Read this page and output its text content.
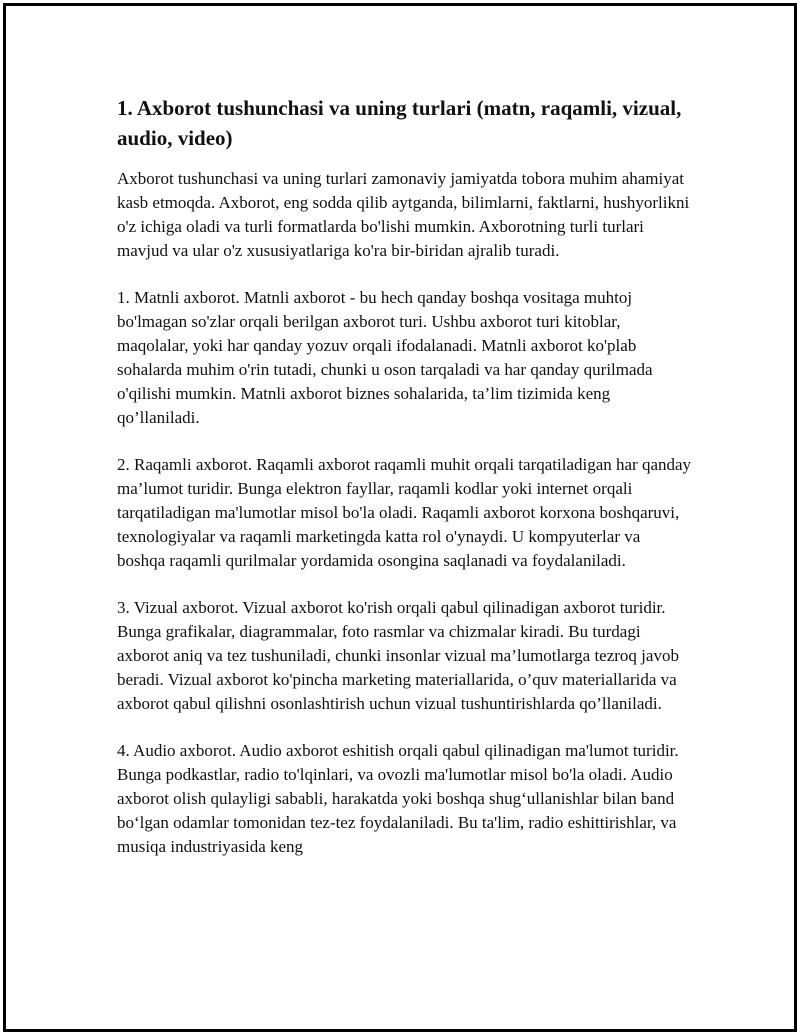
1. Axborot tushunchasi va uning turlari (matn, raqamli, vizual, audio, video)

Axborot tushunchasi va uning turlari zamonaviy jamiyatda tobora muhim ahamiyat kasb etmoqda. Axborot, eng sodda qilib aytganda, bilimlarni, faktlarni, hushyorlikni o'z ichiga oladi va turli formatlarda bo'lishi mumkin. Axborotning turli turlari mavjud va ular o'z xususiyatlariga ko'ra bir-biridan ajralib turadi.

1. Matnli axborot. Matnli axborot - bu hech qanday boshqa vositaga muhtoj bo'lmagan so'zlar orqali berilgan axborot turi. Ushbu axborot turi kitoblar, maqolalar, yoki har qanday yozuv orqali ifodalanadi. Matnli axborot ko'plab sohalarda muhim o'rin tutadi, chunki u oson tarqaladi va har qanday qurilmada o'qilishi mumkin. Matnli axborot biznes sohalarida, ta’lim tizimida keng qo’llaniladi.

2. Raqamli axborot. Raqamli axborot raqamli muhit orqali tarqatiladigan har qanday ma’lumot turidir. Bunga elektron fayllar, raqamli kodlar yoki internet orqali tarqatiladigan ma'lumotlar misol bo'la oladi. Raqamli axborot korxona boshqaruvi, texnologiyalar va raqamli marketingda katta rol o'ynaydi. U kompyuterlar va boshqa raqamli qurilmalar yordamida osongina saqlanadi va foydalaniladi.

3. Vizual axborot. Vizual axborot ko'rish orqali qabul qilinadigan axborot turidir. Bunga grafikalar, diagrammalar, foto rasmlar va chizmalar kiradi. Bu turdagi axborot aniq va tez tushuniladi, chunki insonlar vizual ma’lumotlarga tezroq javob beradi. Vizual axborot ko'pincha marketing materiallarida, o’quv materiallarida va axborot qabul qilishni osonlashtirish uchun vizual tushuntirishlarda qo’llaniladi.

4. Audio axborot. Audio axborot eshitish orqali qabul qilinadigan ma'lumot turidir. Bunga podkastlar, radio to'lqinlari, va ovozli ma'lumotlar misol bo'la oladi. Audio axborot olish qulayligi sababli, harakatda yoki boshqa shug‘ullanishlar bilan band bo‘lgan odamlar tomonidan tez-tez foydalaniladi. Bu ta'lim, radio eshittirishlar, va musiqa industriyasida keng
